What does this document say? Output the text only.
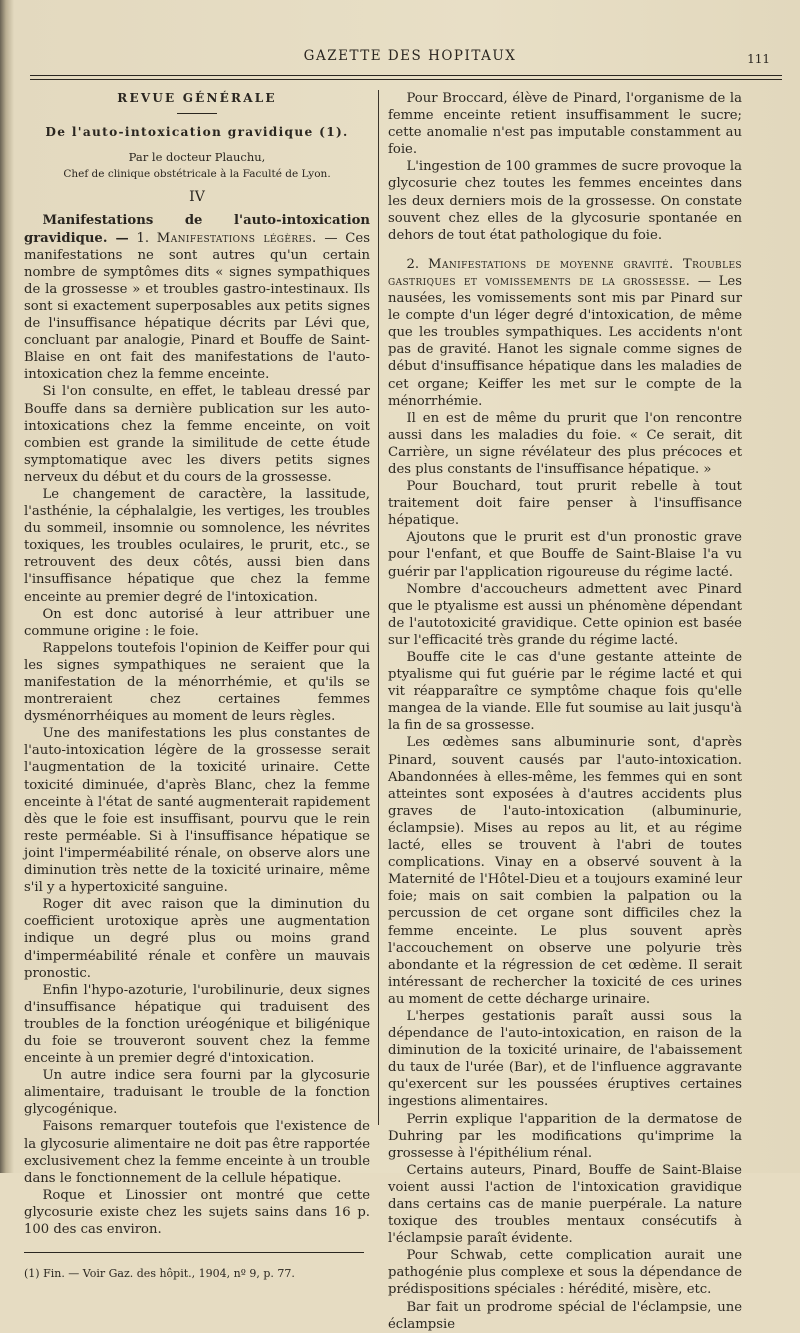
GAZETTE DES HOPITAUX	111

REVUE GÉNÉRALE

De l'auto-intoxication gravidique (1).

Par le docteur Plauchu,

Chef de clinique obstétricale à la Faculté de Lyon.

IV

Manifestations de l'auto-intoxication gravidique. — 1. Manifestations légères. — Ces manifestations ne sont autres qu'un certain nombre de symptômes dits « signes sympathiques de la grossesse » et troubles gastro-intestinaux. Ils sont si exactement superposables aux petits signes de l'insuffisance hépatique décrits par Lévi que, concluant par analogie, Pinard et Bouffe de Saint-Blaise en ont fait des manifestations de l'auto-intoxication chez la femme enceinte.

Si l'on consulte, en effet, le tableau dressé par Bouffe dans sa dernière publication sur les auto-intoxications chez la femme enceinte, on voit combien est grande la similitude de cette étude symptomatique avec les divers petits signes nerveux du début et du cours de la grossesse.

Le changement de caractère, la lassitude, l'asthénie, la céphalalgie, les vertiges, les troubles du sommeil, insomnie ou somnolence, les névrites toxiques, les troubles oculaires, le prurit, etc., se retrouvent des deux côtés, aussi bien dans l'insuffisance hépatique que chez la femme enceinte au premier degré de l'intoxication.

On est donc autorisé à leur attribuer une commune origine : le foie.

Rappelons toutefois l'opinion de Keiffer pour qui les signes sympathiques ne seraient que la manifestation de la ménorrhémie, et qu'ils se montreraient chez certaines femmes dysménorrhéiques au moment de leurs règles.

Une des manifestations les plus constantes de l'auto-intoxication légère de la grossesse serait l'augmentation de la toxicité urinaire. Cette toxicité diminuée, d'après Blanc, chez la femme enceinte à l'état de santé augmenterait rapidement dès que le foie est insuffisant, pourvu que le rein reste perméable. Si à l'insuffisance hépatique se joint l'imperméabilité rénale, on observe alors une diminution très nette de la toxicité urinaire, même s'il y a hypertoxicité sanguine.

Roger dit avec raison que la diminution du coefficient urotoxique après une augmentation indique un degré plus ou moins grand d'imperméabilité rénale et confère un mauvais pronostic.

Enfin l'hypo-azoturie, l'urobilinurie, deux signes d'insuffisance hépatique qui traduisent des troubles de la fonction uréogénique et biligénique du foie se trouveront souvent chez la femme enceinte à un premier degré d'intoxication.

Un autre indice sera fourni par la glycosurie alimentaire, traduisant le trouble de la fonction glycogénique.

Faisons remarquer toutefois que l'existence de la glycosurie alimentaire ne doit pas être rapportée exclusivement chez la femme enceinte à un trouble dans le fonctionnement de la cellule hépatique.

Roque et Linossier ont montré que cette glycosurie existe chez les sujets sains dans 16 p. 100 des cas environ.

(1) Fin. — Voir Gaz. des hôpit., 1904, nº 9, p. 77.

Pour Broccard, élève de Pinard, l'organisme de la femme enceinte retient insuffisamment le sucre; cette anomalie n'est pas imputable constamment au foie.

L'ingestion de 100 grammes de sucre provoque la glycosurie chez toutes les femmes enceintes dans les deux derniers mois de la grossesse. On constate souvent chez elles de la glycosurie spontanée en dehors de tout état pathologique du foie.

2. Manifestations de moyenne gravité. Troubles gastriques et vomissements de la grossesse. — Les nausées, les vomissements sont mis par Pinard sur le compte d'un léger degré d'intoxication, de même que les troubles sympathiques. Les accidents n'ont pas de gravité. Hanot les signale comme signes de début d'insuffisance hépatique dans les maladies de cet organe; Keiffer les met sur le compte de la ménorrhémie.

Il en est de même du prurit que l'on rencontre aussi dans les maladies du foie. « Ce serait, dit Carrière, un signe révélateur des plus précoces et des plus constants de l'insuffisance hépatique. »

Pour Bouchard, tout prurit rebelle à tout traitement doit faire penser à l'insuffisance hépatique.

Ajoutons que le prurit est d'un pronostic grave pour l'enfant, et que Bouffe de Saint-Blaise l'a vu guérir par l'application rigoureuse du régime lacté.

Nombre d'accoucheurs admettent avec Pinard que le ptyalisme est aussi un phénomène dépendant de l'autotoxicité gravidique. Cette opinion est basée sur l'efficacité très grande du régime lacté.

Bouffe cite le cas d'une gestante atteinte de ptyalisme qui fut guérie par le régime lacté et qui vit réapparaître ce symptôme chaque fois qu'elle mangea de la viande. Elle fut soumise au lait jusqu'à la fin de sa grossesse.

Les œdèmes sans albuminurie sont, d'après Pinard, souvent causés par l'auto-intoxication. Abandonnées à elles-même, les femmes qui en sont atteintes sont exposées à d'autres accidents plus graves de l'auto-intoxication (albuminurie, éclampsie). Mises au repos au lit, et au régime lacté, elles se trouvent à l'abri de toutes complications. Vinay en a observé souvent à la Maternité de l'Hôtel-Dieu et a toujours examiné leur foie; mais on sait combien la palpation ou la percussion de cet organe sont difficiles chez la femme enceinte. Le plus souvent après l'accouchement on observe une polyurie très abondante et la régression de cet œdème. Il serait intéressant de rechercher la toxicité de ces urines au moment de cette décharge urinaire.

L'herpes gestationis paraît aussi sous la dépendance de l'auto-intoxication, en raison de la diminution de la toxicité urinaire, de l'abaissement du taux de l'urée (Bar), et de l'influence aggravante qu'exercent sur les poussées éruptives certaines ingestions alimentaires.

Perrin explique l'apparition de la dermatose de Duhring par les modifications qu'imprime la grossesse à l'épithélium rénal.

Certains auteurs, Pinard, Bouffe de Saint-Blaise voient aussi l'action de l'intoxication gravidique dans certains cas de manie puerpérale. La nature toxique des troubles mentaux consécutifs à l'éclampsie paraît évidente.

Pour Schwab, cette complication aurait une pathogénie plus complexe et sous la dépendance de prédispositions spéciales : hérédité, misère, etc.

Bar fait un prodrome spécial de l'éclampsie, une éclampsie
